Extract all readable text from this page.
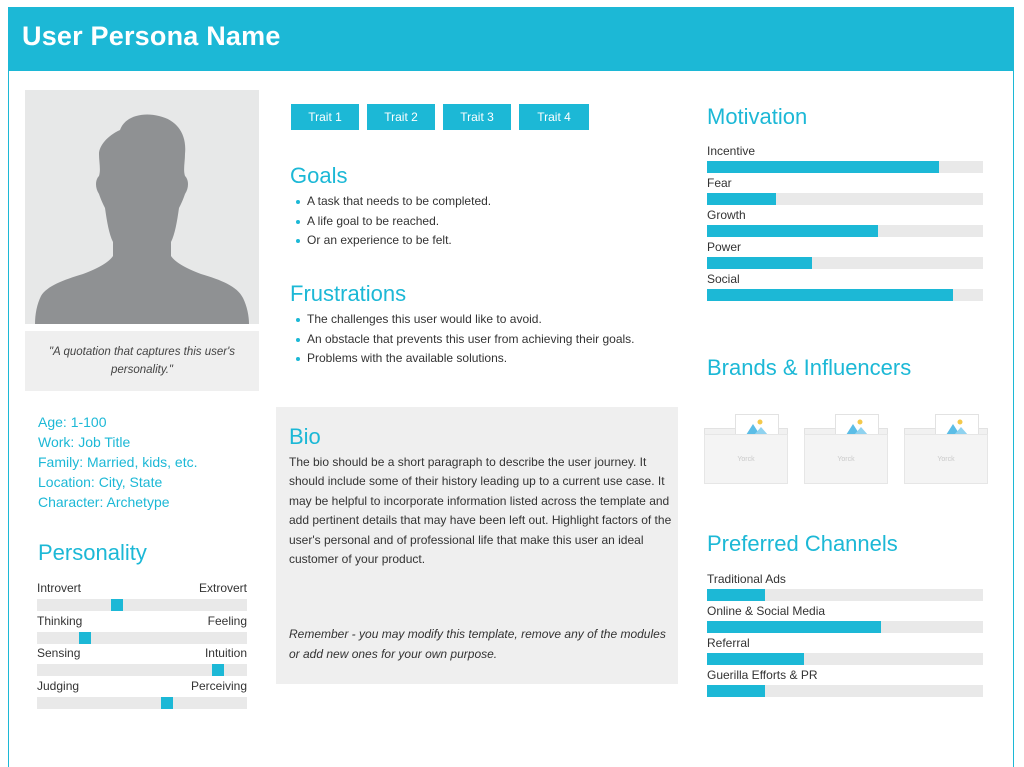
User Persona Name
"A quotation that captures this user's personality."
Age: 1-100
Work: Job Title
Family: Married, kids, etc.
Location: City, State
Character: Archetype
Personality
Introvert	Extrovert
Thinking	Feeling
Sensing	Intuition
Judging	Perceiving
Trait 1	Trait 2	Trait 3	Trait 4
Goals
A task that needs to be completed.
A life goal to be reached.
Or an experience to be felt.
Frustrations
The challenges this user would like to avoid.
An obstacle that prevents this user from achieving their goals.
Problems with the available solutions.
Bio
The bio should be a short paragraph to describe the user journey. It should include some of their history leading up to a current use case. It may be helpful to incorporate information listed across the template and add pertinent details that may have been left out. Highlight factors of the user's personal and of professional life that make this user an ideal customer of your product.
Remember - you may modify this template, remove any of the modules or add new ones for your own purpose.
Motivation
Incentive
Fear
Growth
Power
Social
Brands & Influencers
Yorck	Yorck	Yorck
Preferred Channels
Traditional Ads
Online & Social Media
Referral
Guerilla Efforts & PR
